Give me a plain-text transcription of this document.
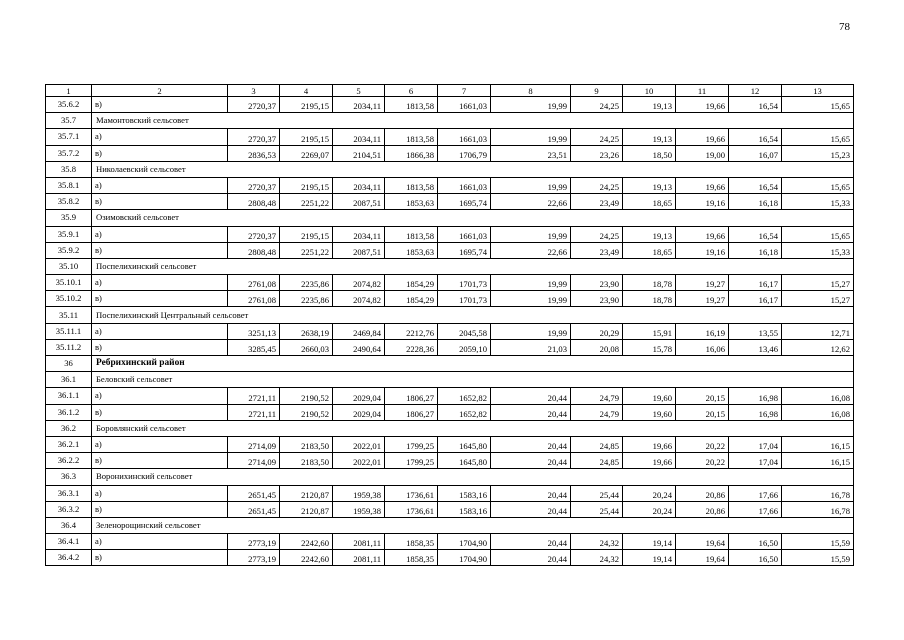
78
1	2	3	4	5	6	7	8	9	10	11	12	13
35.6.2	в)	2720,37	2195,15	2034,11	1813,58	1661,03	19,99	24,25	19,13	19,66	16,54	15,65
35.7	Мамонтовский сельсовет											
35.7.1	а)	2720,37	2195,15	2034,11	1813,58	1661,03	19,99	24,25	19,13	19,66	16,54	15,65
35.7.2	в)	2836,53	2269,07	2104,51	1866,38	1706,79	23,51	23,26	18,50	19,00	16,07	15,23
35.8	Николаевский сельсовет											
35.8.1	а)	2720,37	2195,15	2034,11	1813,58	1661,03	19,99	24,25	19,13	19,66	16,54	15,65
35.8.2	в)	2808,48	2251,22	2087,51	1853,63	1695,74	22,66	23,49	18,65	19,16	16,18	15,33
35.9	Озимовский сельсовет											
35.9.1	а)	2720,37	2195,15	2034,11	1813,58	1661,03	19,99	24,25	19,13	19,66	16,54	15,65
35.9.2	в)	2808,48	2251,22	2087,51	1853,63	1695,74	22,66	23,49	18,65	19,16	16,18	15,33
35.10	Поспелихинский сельсовет											
35.10.1	а)	2761,08	2235,86	2074,82	1854,29	1701,73	19,99	23,90	18,78	19,27	16,17	15,27
35.10.2	в)	2761,08	2235,86	2074,82	1854,29	1701,73	19,99	23,90	18,78	19,27	16,17	15,27
35.11	Поспелихинский Центральный сельсовет											
35.11.1	а)	3251,13	2638,19	2469,84	2212,76	2045,58	19,99	20,29	15,91	16,19	13,55	12,71
35.11.2	в)	3285,45	2660,03	2490,64	2228,36	2059,10	21,03	20,08	15,78	16,06	13,46	12,62
36	Ребрихинский район											
36.1	Беловский сельсовет											
36.1.1	а)	2721,11	2190,52	2029,04	1806,27	1652,82	20,44	24,79	19,60	20,15	16,98	16,08
36.1.2	в)	2721,11	2190,52	2029,04	1806,27	1652,82	20,44	24,79	19,60	20,15	16,98	16,08
36.2	Боровлянский сельсовет											
36.2.1	а)	2714,09	2183,50	2022,01	1799,25	1645,80	20,44	24,85	19,66	20,22	17,04	16,15
36.2.2	в)	2714,09	2183,50	2022,01	1799,25	1645,80	20,44	24,85	19,66	20,22	17,04	16,15
36.3	Воронихинский сельсовет											
36.3.1	а)	2651,45	2120,87	1959,38	1736,61	1583,16	20,44	25,44	20,24	20,86	17,66	16,78
36.3.2	в)	2651,45	2120,87	1959,38	1736,61	1583,16	20,44	25,44	20,24	20,86	17,66	16,78
36.4	Зеленорощинский сельсовет											
36.4.1	а)	2773,19	2242,60	2081,11	1858,35	1704,90	20,44	24,32	19,14	19,64	16,50	15,59
36.4.2	в)	2773,19	2242,60	2081,11	1858,35	1704,90	20,44	24,32	19,14	19,64	16,50	15,59
